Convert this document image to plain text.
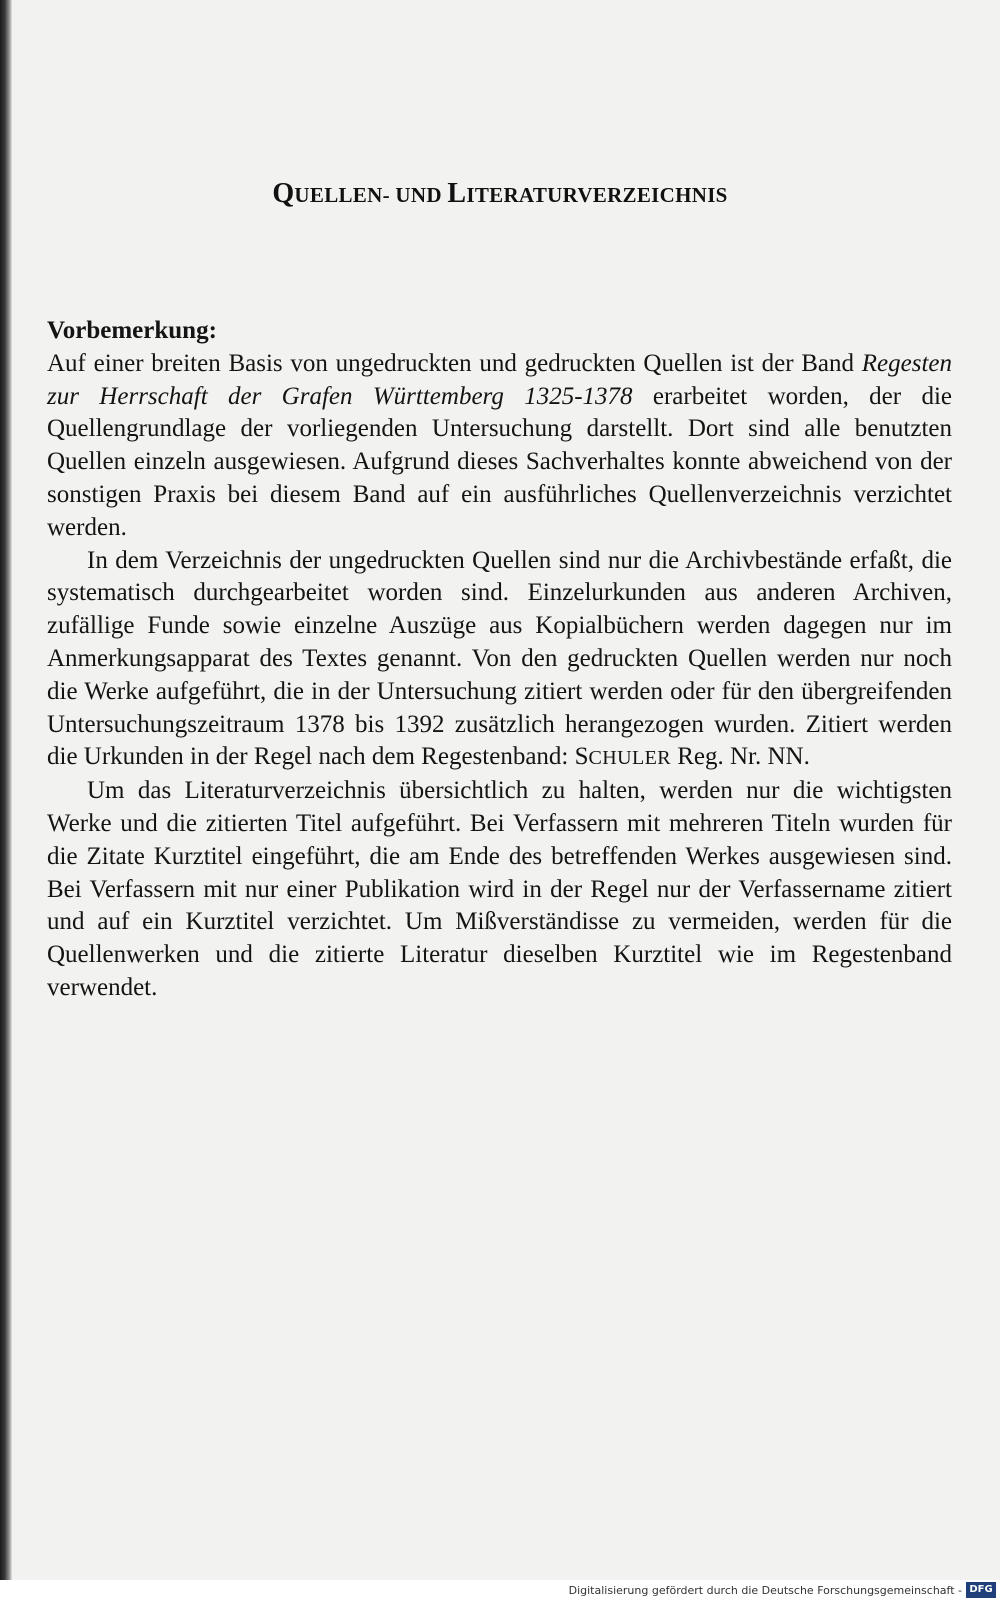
QUELLEN- UND LITERATURVERZEICHNIS

Vorbemerkung:

Auf einer breiten Basis von ungedruckten und gedruckten Quellen ist der Band Regesten zur Herrschaft der Grafen Württemberg 1325-1378 erarbeitet worden, der die Quellengrundlage der vorliegenden Untersuchung darstellt. Dort sind alle benutzten Quellen einzeln ausgewiesen. Aufgrund dieses Sachverhaltes konnte abweichend von der sonstigen Praxis bei diesem Band auf ein ausführliches Quellenverzeichnis verzichtet werden.

In dem Verzeichnis der ungedruckten Quellen sind nur die Archivbestände erfaßt, die systematisch durchgearbeitet worden sind. Einzelurkunden aus anderen Archiven, zufällige Funde sowie einzelne Auszüge aus Kopialbüchern werden dagegen nur im Anmerkungsapparat des Textes genannt. Von den gedruckten Quellen werden nur noch die Werke aufgeführt, die in der Untersuchung zitiert werden oder für den übergreifenden Untersuchungszeitraum 1378 bis 1392 zusätzlich herangezogen wurden. Zitiert werden die Urkunden in der Regel nach dem Regestenband: SCHULER Reg. Nr. NN.

Um das Literaturverzeichnis übersichtlich zu halten, werden nur die wichtigsten Werke und die zitierten Titel aufgeführt. Bei Verfassern mit mehreren Titeln wurden für die Zitate Kurztitel eingeführt, die am Ende des betreffenden Werkes ausgewiesen sind. Bei Verfassern mit nur einer Publikation wird in der Regel nur der Verfassername zitiert und auf ein Kurztitel verzichtet. Um Mißverständisse zu vermeiden, werden für die Quellenwerken und die zitierte Literatur dieselben Kurztitel wie im Regestenband verwendet.

Digitalisierung gefördert durch die Deutsche Forschungsgemeinschaft - DFG
